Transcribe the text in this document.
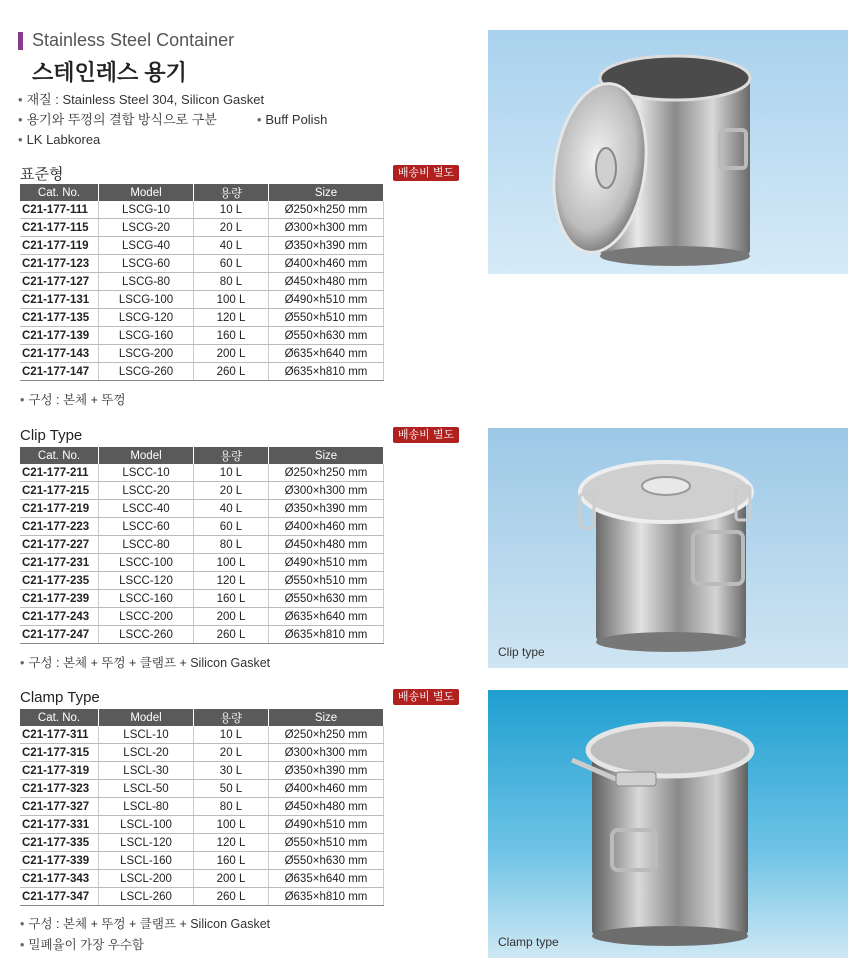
Stainless Steel Container
스테인레스 용기
• 재질 : Stainless Steel 304, Silicon Gasket
• 용기와 뚜껑의 결합 방식으로 구분	• Buff Polish
• LK Labkorea
표준형	배송비 별도
Cat. No.	Model	용량	Size
C21-177-111	LSCG-10	10 L	Ø250×h250 mm
C21-177-115	LSCG-20	20 L	Ø300×h300 mm
C21-177-119	LSCG-40	40 L	Ø350×h390 mm
C21-177-123	LSCG-60	60 L	Ø400×h460 mm
C21-177-127	LSCG-80	80 L	Ø450×h480 mm
C21-177-131	LSCG-100	100 L	Ø490×h510 mm
C21-177-135	LSCG-120	120 L	Ø550×h510 mm
C21-177-139	LSCG-160	160 L	Ø550×h630 mm
C21-177-143	LSCG-200	200 L	Ø635×h640 mm
C21-177-147	LSCG-260	260 L	Ø635×h810 mm
• 구성 : 본체 + 뚜껑
Clip Type	배송비 별도
Cat. No.	Model	용량	Size
C21-177-211	LSCC-10	10 L	Ø250×h250 mm
C21-177-215	LSCC-20	20 L	Ø300×h300 mm
C21-177-219	LSCC-40	40 L	Ø350×h390 mm
C21-177-223	LSCC-60	60 L	Ø400×h460 mm
C21-177-227	LSCC-80	80 L	Ø450×h480 mm
C21-177-231	LSCC-100	100 L	Ø490×h510 mm
C21-177-235	LSCC-120	120 L	Ø550×h510 mm
C21-177-239	LSCC-160	160 L	Ø550×h630 mm
C21-177-243	LSCC-200	200 L	Ø635×h640 mm
C21-177-247	LSCC-260	260 L	Ø635×h810 mm
• 구성 : 본체 + 뚜껑 + 클램프 + Silicon Gasket
Clamp Type	배송비 별도
Cat. No.	Model	용량	Size
C21-177-311	LSCL-10	10 L	Ø250×h250 mm
C21-177-315	LSCL-20	20 L	Ø300×h300 mm
C21-177-319	LSCL-30	30 L	Ø350×h390 mm
C21-177-323	LSCL-50	50 L	Ø400×h460 mm
C21-177-327	LSCL-80	80 L	Ø450×h480 mm
C21-177-331	LSCL-100	100 L	Ø490×h510 mm
C21-177-335	LSCL-120	120 L	Ø550×h510 mm
C21-177-339	LSCL-160	160 L	Ø550×h630 mm
C21-177-343	LSCL-200	200 L	Ø635×h640 mm
C21-177-347	LSCL-260	260 L	Ø635×h810 mm
• 구성 : 본체 + 뚜껑 + 클램프 + Silicon Gasket
• 밀폐율이 가장 우수함
Clip type
Clamp type
